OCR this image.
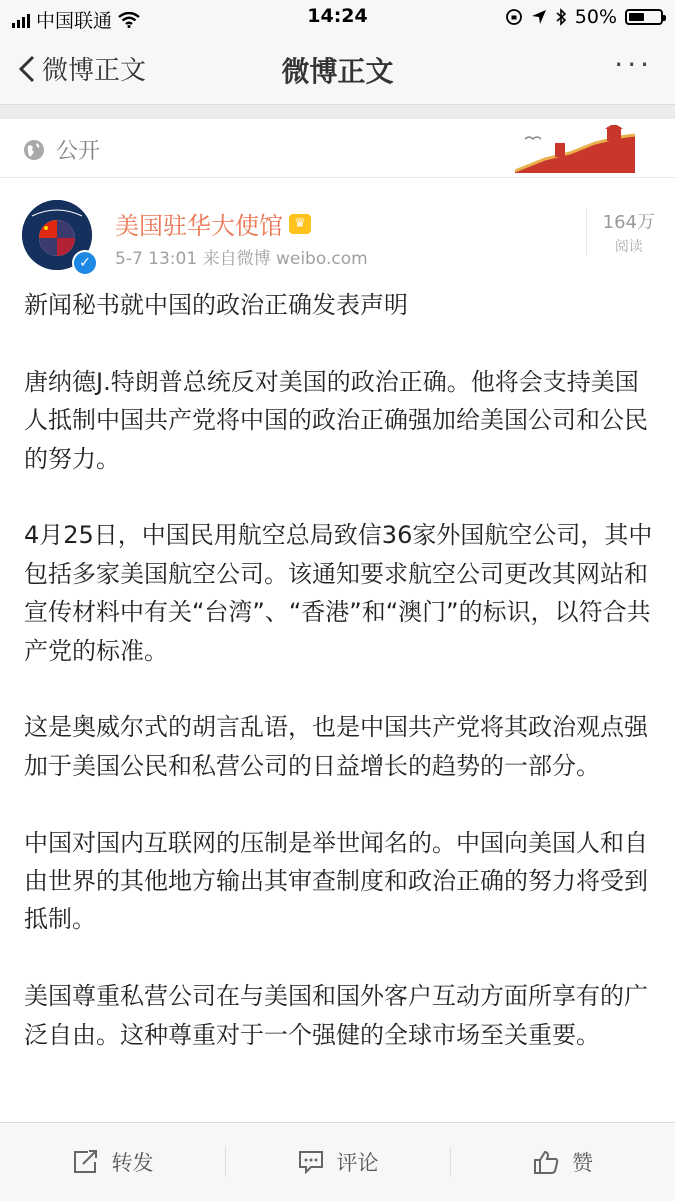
中国联通	14:24	50%
微博正文	微博正文	···
公开
✓
美国驻华大使馆 ♛
5-7 13:01 来自微博 weibo.com
164万
阅读

新闻秘书就中国的政治正确发表声明

唐纳德J.特朗普总统反对美国的政治正确。他将会支持美国人抵制中国共产党将中国的政治正确强加给美国公司和公民的努力。

4月25日，中国民用航空总局致信36家外国航空公司，其中包括多家美国航空公司。该通知要求航空公司更改其网站和宣传材料中有关“台湾”、“香港”和“澳门”的标识，以符合共产党的标准。

这是奥威尔式的胡言乱语，也是中国共产党将其政治观点强加于美国公民和私营公司的日益增长的趋势的一部分。

中国对国内互联网的压制是举世闻名的。中国向美国人和自由世界的其他地方输出其审查制度和政治正确的努力将受到抵制。

美国尊重私营公司在与美国和国外客户互动方面所享有的广泛自由。这种尊重对于一个强健的全球市场至关重要。

转发	评论	赞
